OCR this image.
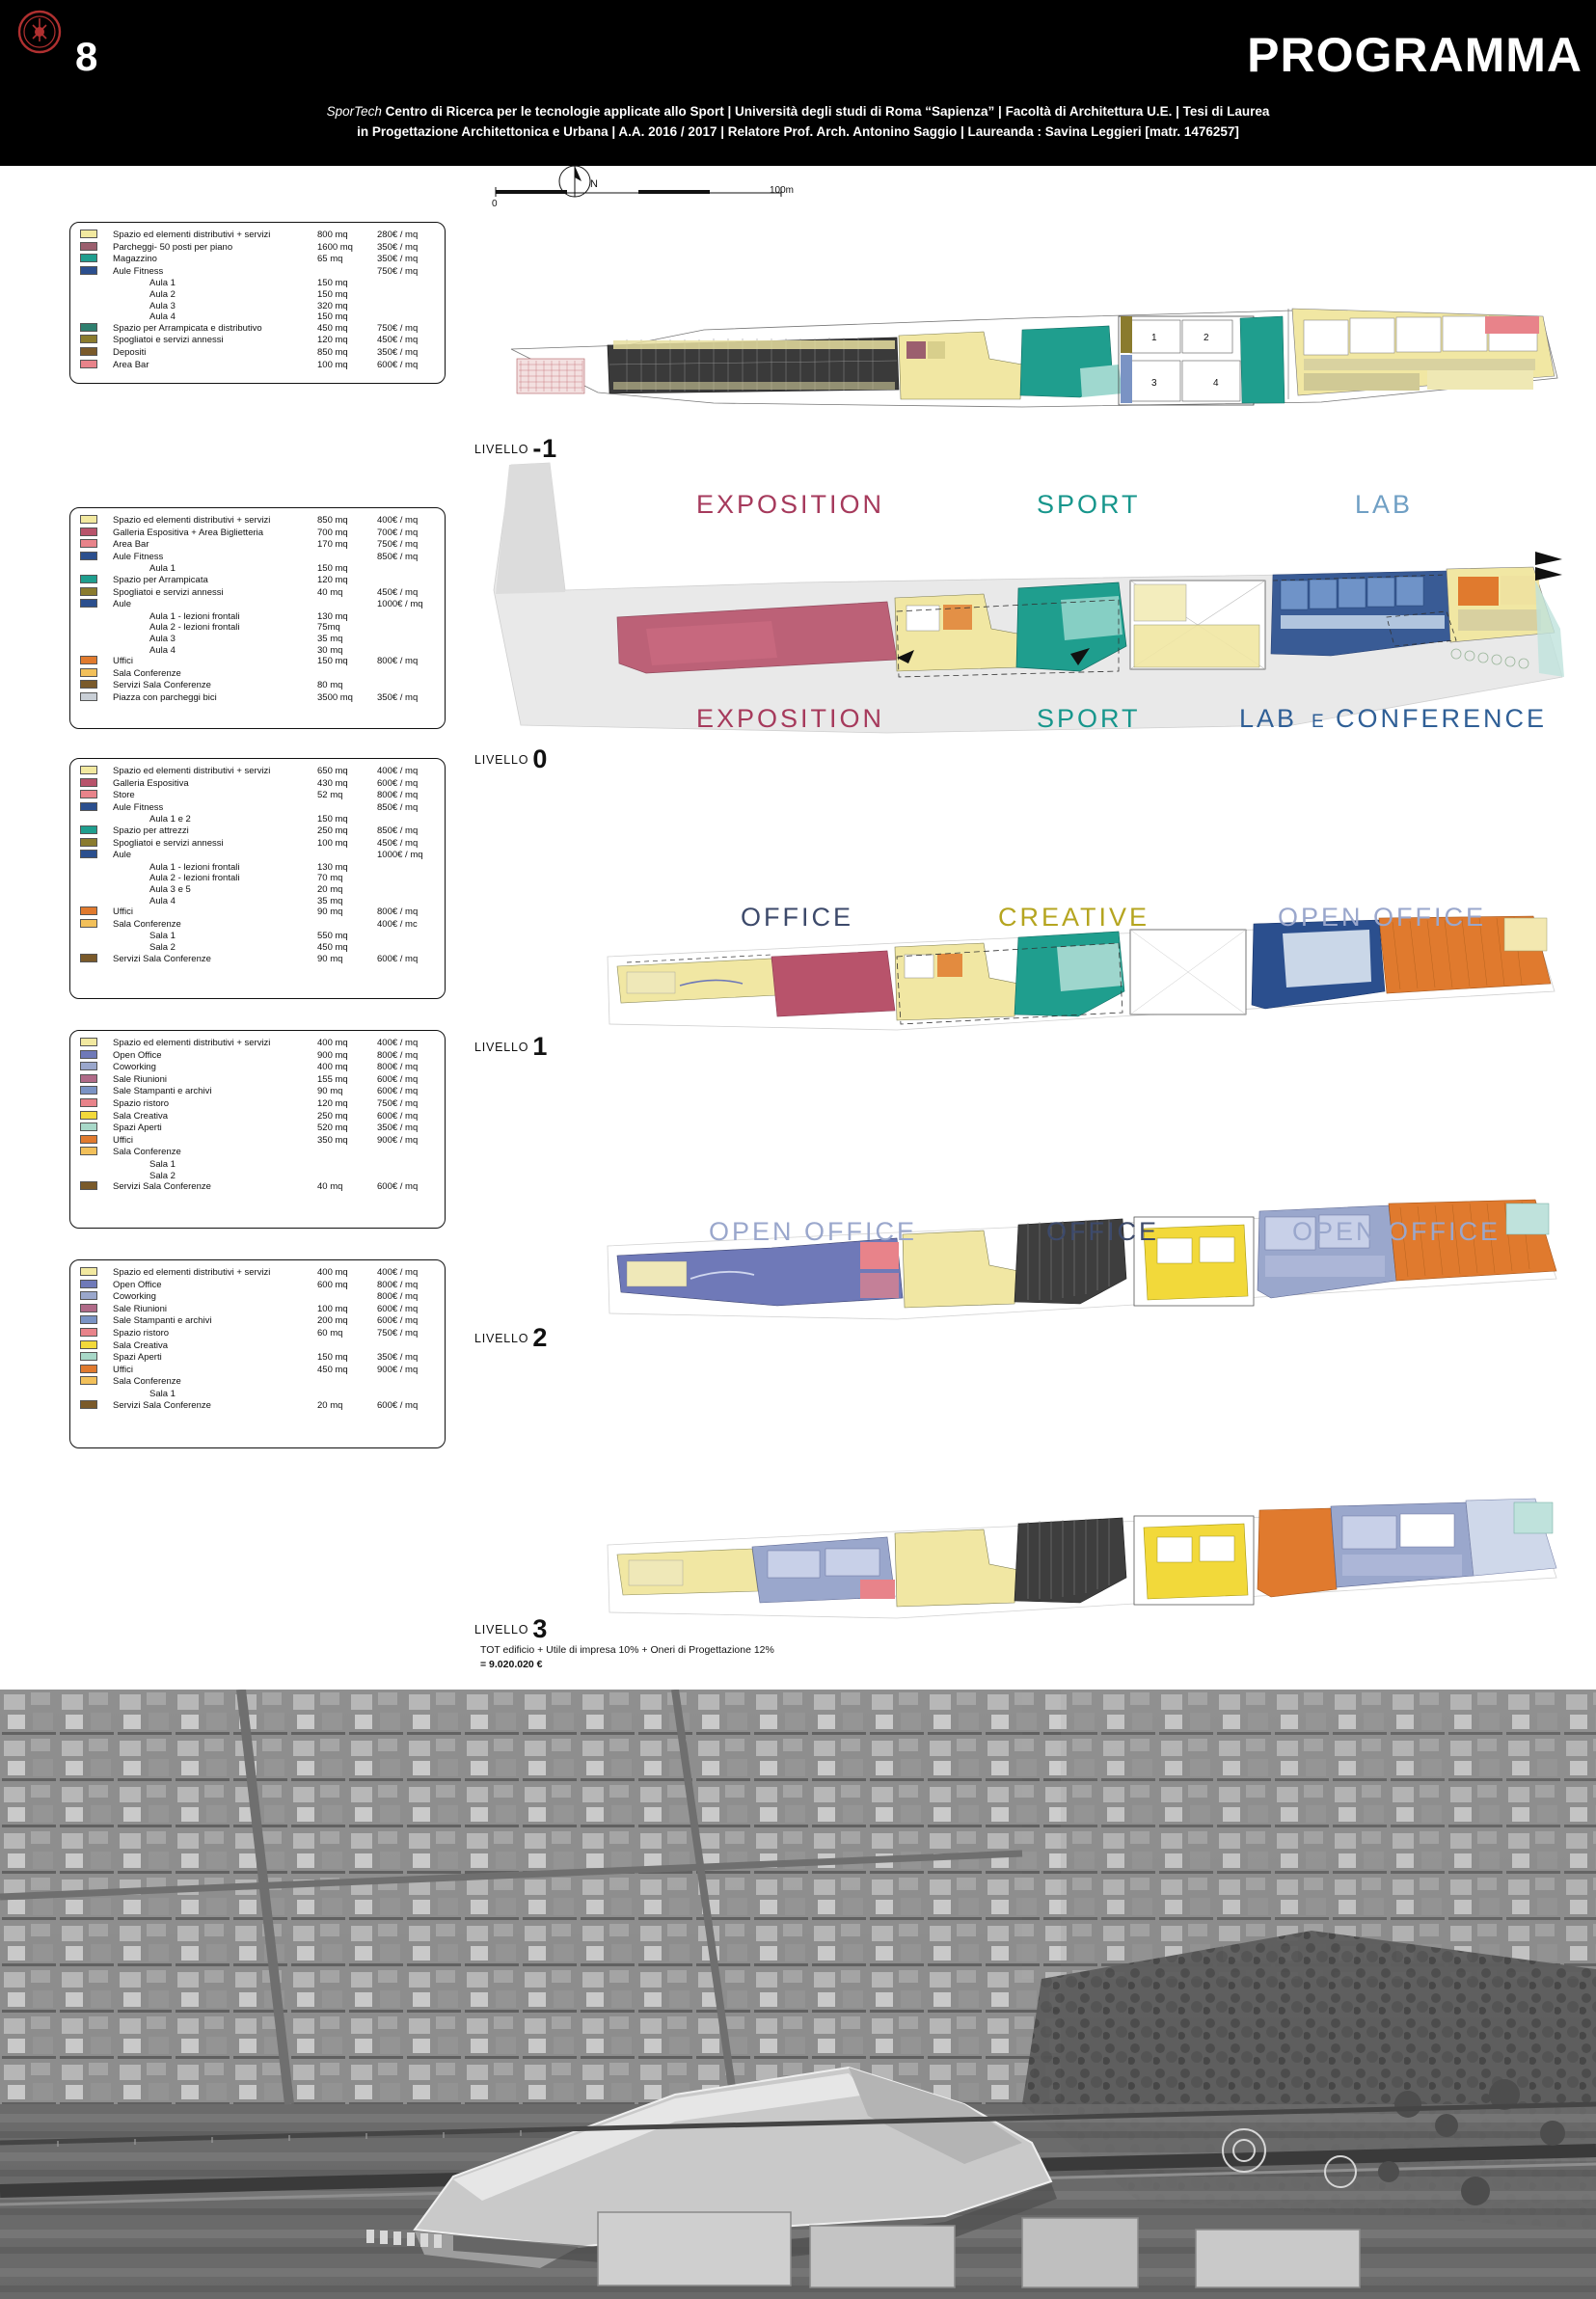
8	PROGRAMMA
SporTech Centro di Ricerca per le tecnologie applicate allo Sport | Università degli studi di Roma “Sapienza” | Facoltà di Architettura U.E. | Tesi di Laurea
in Progettazione Architettonica e Urbana | A.A. 2016 / 2017 | Relatore Prof. Arch. Antonino Saggio | Laureanda : Savina Leggieri [matr. 1476257]
N
0
100m
	Spazio ed elementi distributivi + servizi	800 mq	280€ / mq
	Parcheggi- 50 posti per piano	1600 mq	350€ / mq
	Magazzino	65 mq	350€ / mq
	Aule Fitness		750€ / mq
	Aula 1	150 mq	
	Aula 2	150 mq	
	Aula 3	320 mq	
	Aula 4	150 mq	
	Spazio per Arrampicata e distributivo	450 mq	750€ / mq
	Spogliatoi e servizi annessi	120 mq	450€ / mq
	Depositi	850 mq	350€ / mq
	Area Bar	100 mq	600€ / mq
LIVELLO -1
1	2
3	4
	Spazio ed elementi distributivi + servizi	850 mq	400€ / mq
	Galleria Espositiva + Area Biglietteria	700 mq	700€ / mq
	Area Bar	170 mq	750€ / mq
	Aule Fitness		850€ / mq
	Aula 1	150 mq	
	Spazio per Arrampicata	120 mq	
	Spogliatoi e servizi annessi	40 mq	450€ / mq
	Aule		1000€ / mq
	Aula 1 - lezioni frontali	130 mq	
	Aula 2 - lezioni frontali	75mq	
	Aula 3	35 mq	
	Aula 4	30 mq	
	Uffici	150 mq	800€ / mq
	Sala Conferenze		
	Servizi Sala Conferenze	80 mq	
	Piazza con parcheggi bici	3500 mq	350€ / mq
EXPOSITION	SPORT	LAB
LIVELLO 0
	Spazio ed elementi distributivi + servizi	650 mq	400€ / mq
	Galleria Espositiva	430 mq	600€ / mq
	Store	52 mq	800€ / mq
	Aule Fitness		850€ / mq
	Aula 1 e 2	150 mq	
	Spazio per attrezzi	250 mq	850€ / mq
	Spogliatoi e servizi annessi	100 mq	450€ / mq
	Aule		1000€ / mq
	Aula 1 - lezioni frontali	130 mq	
	Aula 2 - lezioni frontali	70 mq	
	Aula 3 e 5	20 mq	
	Aula 4	35 mq	
	Uffici	90 mq	800€ / mq
	Sala Conferenze		400€ / mc
	Sala 1	550 mq	
	Sala 2	450 mq	
	Servizi Sala Conferenze	90 mq	600€ / mq
EXPOSITION	SPORT	LAB E CONFERENCE
LIVELLO 1
	Spazio ed elementi distributivi + servizi	400 mq	400€ / mq
	Open Office	900 mq	800€ / mq
	Coworking	400 mq	800€ / mq
	Sale Riunioni	155 mq	600€ / mq
	Sale Stampanti e archivi	90 mq	600€ / mq
	Spazio ristoro	120 mq	750€ / mq
	Sala Creativa	250 mq	600€ / mq
	Spazi Aperti	520 mq	350€ / mq
	Uffici	350 mq	900€ / mq
	Sala Conferenze		
	Sala 1		
	Sala 2		
	Servizi Sala Conferenze	40 mq	600€ / mq
OFFICE	CREATIVE	OPEN OFFICE
LIVELLO 2
	Spazio ed elementi distributivi + servizi	400 mq	400€ / mq
	Open Office	600 mq	800€ / mq
	Coworking		800€ / mq
	Sale Riunioni	100 mq	600€ / mq
	Sale Stampanti e archivi	200 mq	600€ / mq
	Spazio ristoro	60 mq	750€ / mq
	Sala Creativa		
	Spazi Aperti	150 mq	350€ / mq
	Uffici	450 mq	900€ / mq
	Sala Conferenze		
	Sala 1		
	Servizi Sala Conferenze	20 mq	600€ / mq
OPEN OFFICE	OFFICE	OPEN OFFICE
LIVELLO 3
TOT edificio + Utile di impresa 10% + Oneri di Progettazione 12%
= 9.020.020 €
